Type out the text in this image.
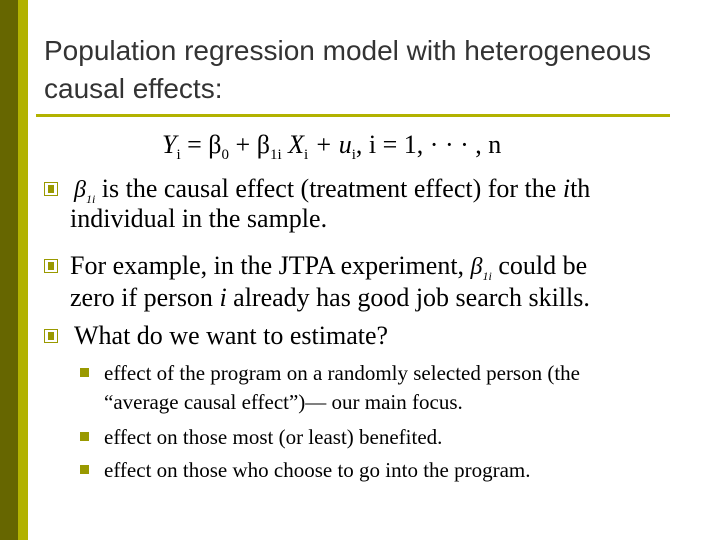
Population regression model with heterogeneous causal effects:
$Y_i = \beta_0 + \beta_{1i}$ $X_i + u_i$, i = 1, · · · , n
$\beta_{1i}$ is the causal effect (treatment effect) for the ith
individual in the sample.
For example, in the JTPA experiment, $\beta_{1i}$ could be
zero if person i already has good job search skills.
What do we want to estimate?
effect of the program on a randomly selected person (the
“average causal effect”)— our main focus.
effect on those most (or least) benefited.
effect on those who choose to go into the program.
